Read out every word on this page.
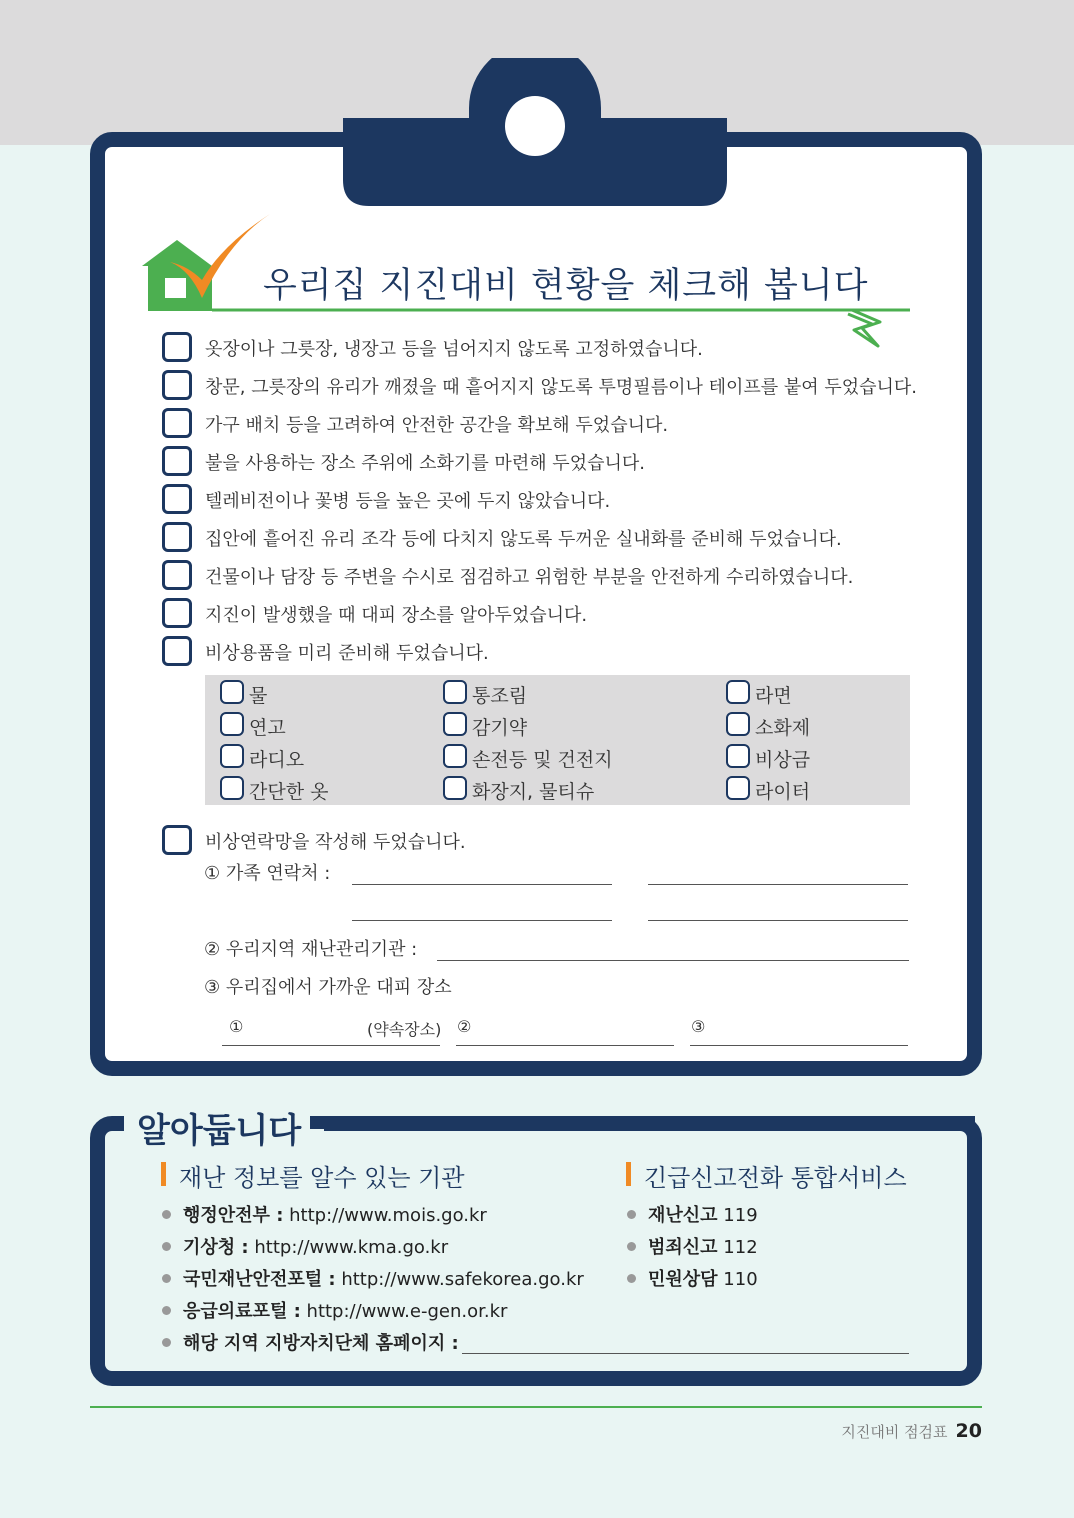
우리집 지진대비 현황을 체크해 봅니다
옷장이나 그릇장, 냉장고 등을 넘어지지 않도록 고정하였습니다.
창문, 그릇장의 유리가 깨졌을 때 흩어지지 않도록 투명필름이나 테이프를 붙여 두었습니다.
가구 배치 등을 고려하여 안전한 공간을 확보해 두었습니다.
불을 사용하는 장소 주위에 소화기를 마련해 두었습니다.
텔레비전이나 꽃병 등을 높은 곳에 두지 않았습니다.
집안에 흩어진 유리 조각 등에 다치지 않도록 두꺼운 실내화를 준비해 두었습니다.
건물이나 담장 등 주변을 수시로 점검하고 위험한 부분을 안전하게 수리하였습니다.
지진이 발생했을 때 대피 장소를 알아두었습니다.
비상용품을 미리 준비해 두었습니다.
물	통조림	라면
연고	감기약	소화제
라디오	손전등 및 건전지	비상금
간단한 옷	화장지, 물티슈	라이터
비상연락망을 작성해 두었습니다.
① 가족 연락처 :
② 우리지역 재난관리기관 :
③ 우리집에서 가까운 대피 장소
①	(약속장소) ②	③
알아둡니다
재난 정보를 알수 있는 기관	긴급신고전화 통합서비스
행정안전부 : http://www.mois.go.kr
기상청 : http://www.kma.go.kr
국민재난안전포털 : http://www.safekorea.go.kr
응급의료포털 : http://www.e-gen.or.kr
해당 지역 지방자치단체 홈페이지 :
재난신고 119
범죄신고 112
민원상담 110
지진대비 점검표 20
